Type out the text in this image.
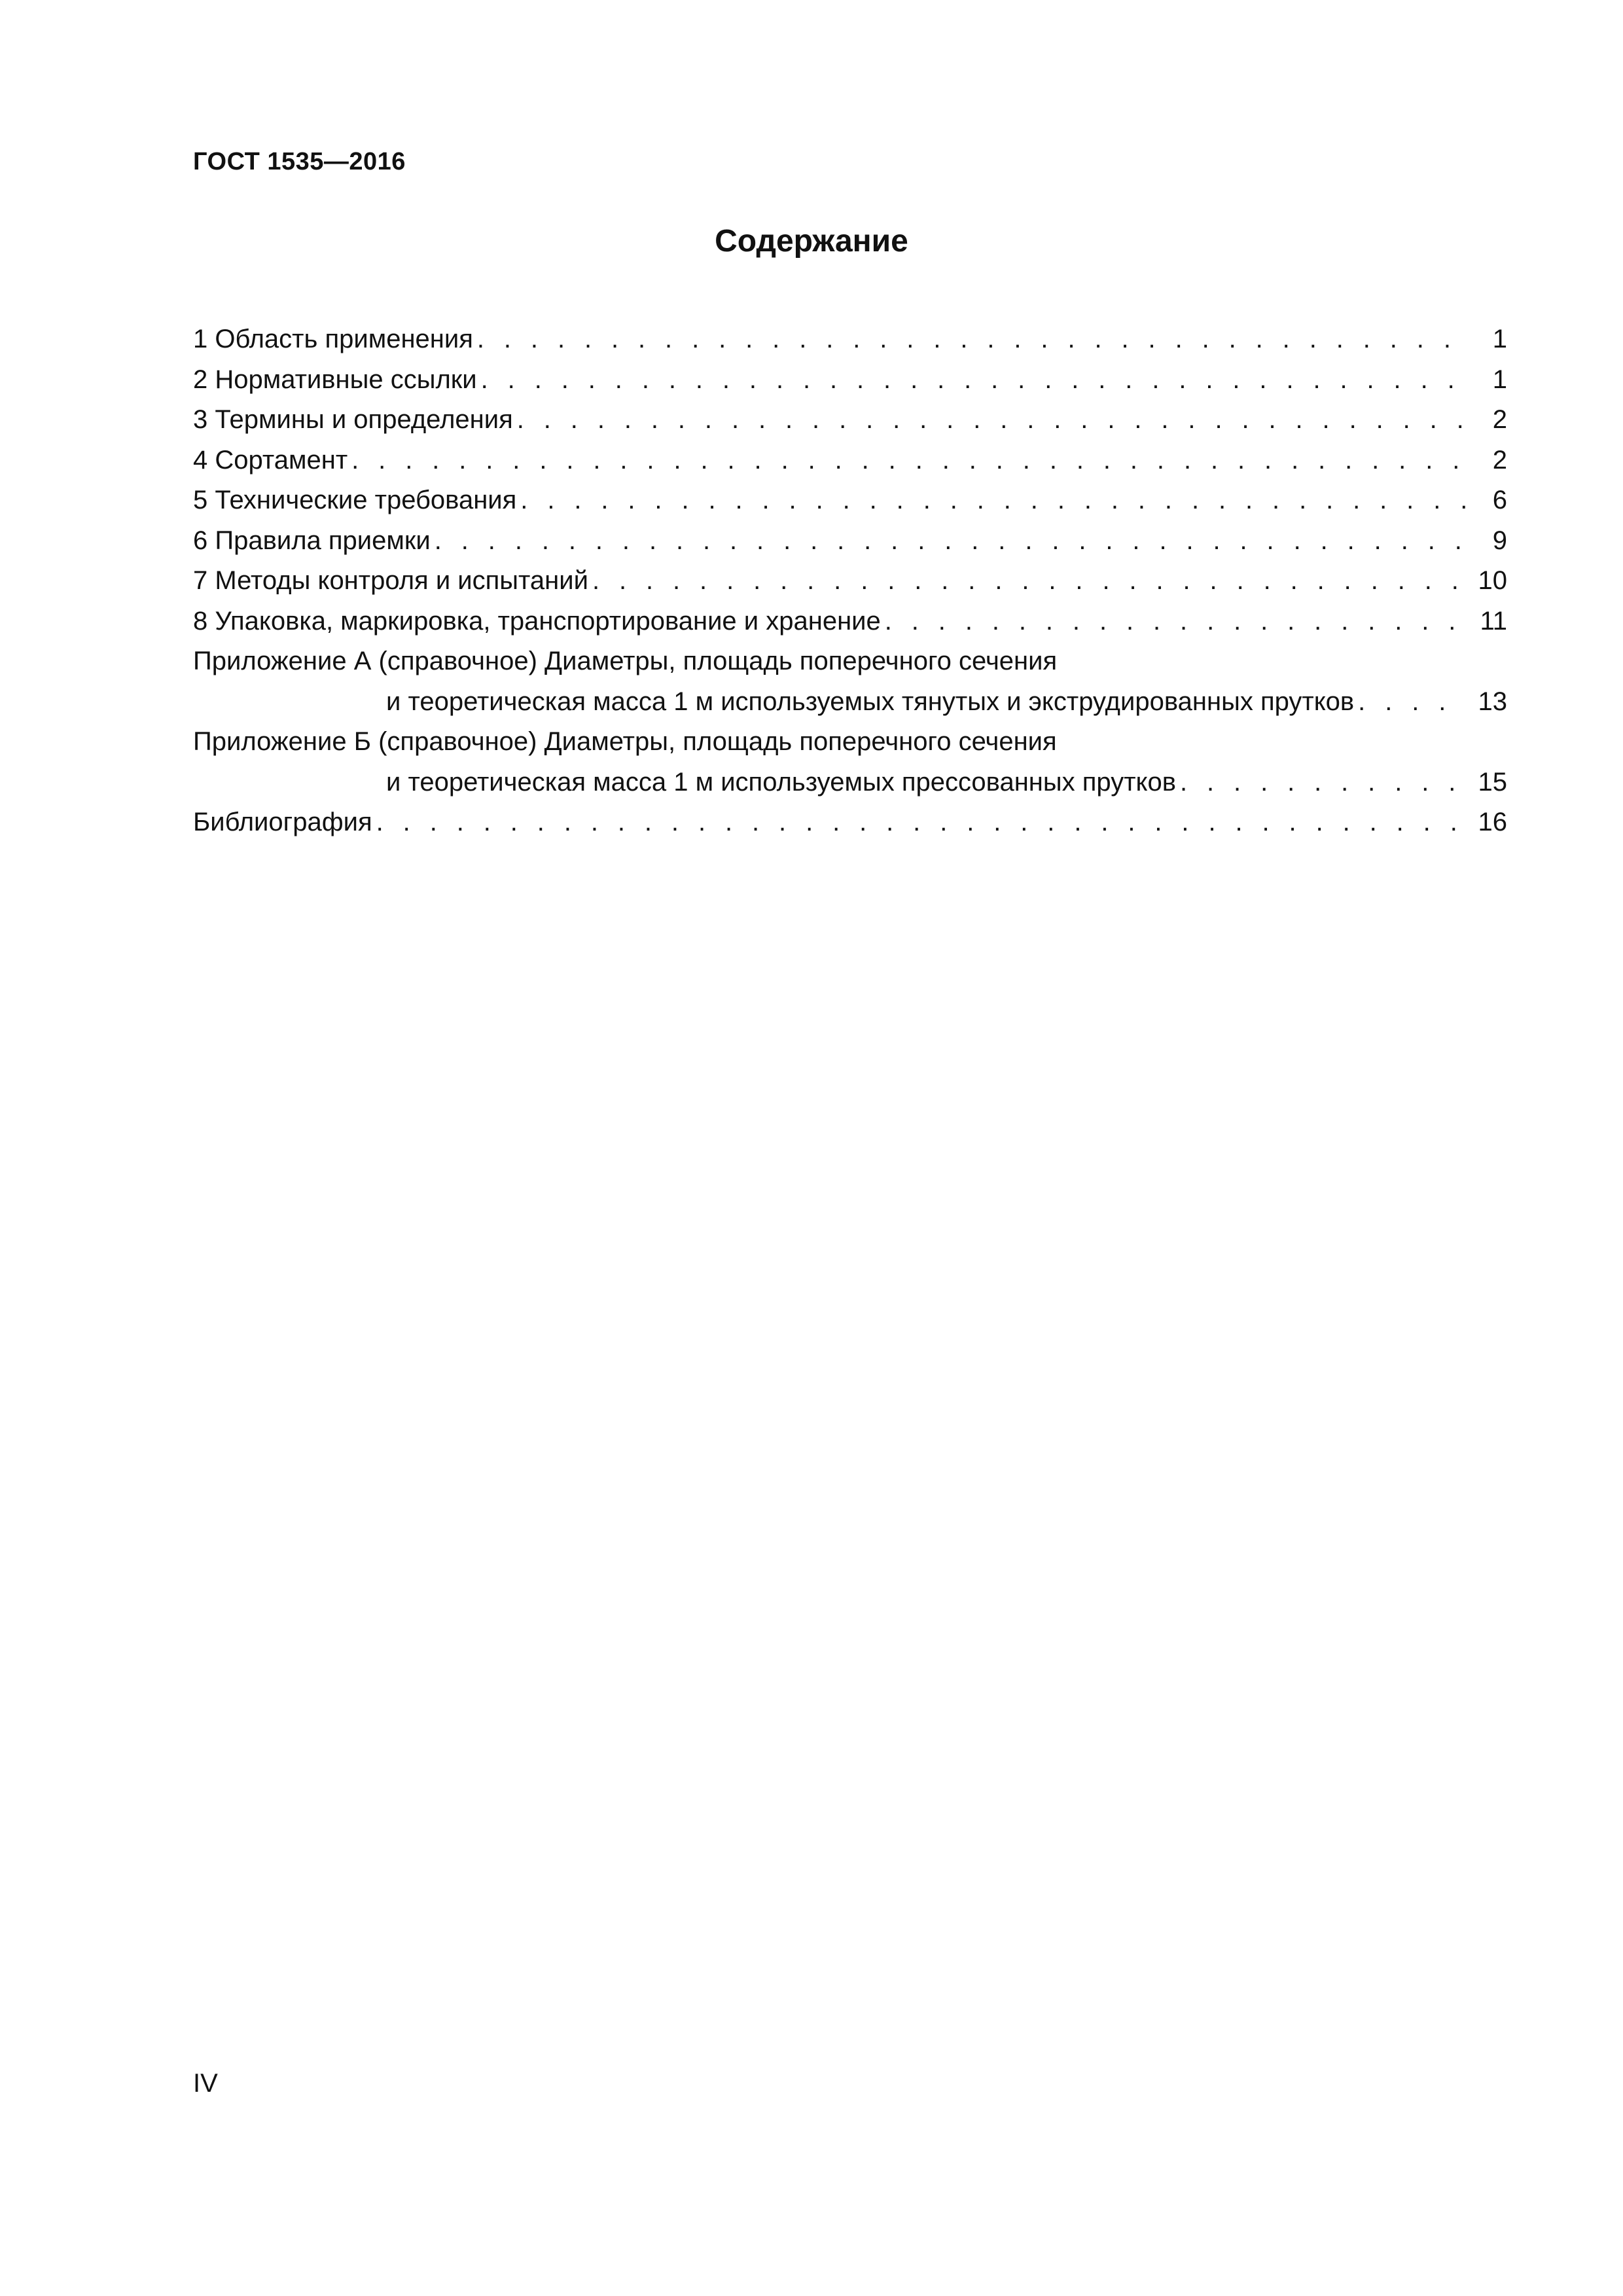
ГОСТ 1535—2016
Содержание
1 Область применения . . .	1
2 Нормативные ссылки . . .	1
3 Термины и определения . . .	2
4 Сортамент . . .	2
5 Технические требования . . .	6
6 Правила приемки . . .	9
7 Методы контроля и испытаний . . .	10
8 Упаковка, маркировка, транспортирование и хранение . . .	11
Приложение А (справочное) Диаметры, площадь поперечного сечения
и теоретическая масса 1 м используемых тянутых и экструдированных прутков . . .	13
Приложение Б (справочное) Диаметры, площадь поперечного сечения
и теоретическая масса 1 м используемых прессованных прутков . . .	15
Библиография . . .	16
IV
